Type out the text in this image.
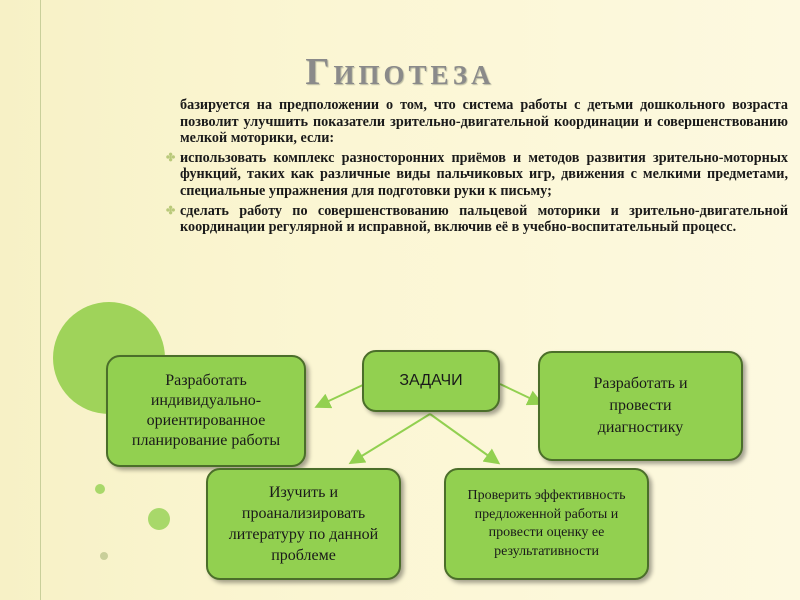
Гипотеза

базируется на предположении о том, что система работы с детьми дошкольного возраста позволит улучшить показатели зрительно-двигательной координации и совершенствованию мелкой моторики, если:

✤ использовать комплекс разносторонних приёмов и методов развития зрительно-моторных функций, таких как различные виды пальчиковых игр, движения с мелкими предметами, специальные упражнения для подготовки руки к письму;

✤ сделать работу по совершенствованию пальцевой моторики и зрительно-двигательной координации регулярной и исправной, включив её в учебно-воспитательный процесс.

ЗАДАЧИ
Разработать индивидуально-ориентированное планирование работы
Разработать и провести диагностику
Изучить и проанализировать литературу по данной проблеме
Проверить эффективность предложенной работы и провести оценку ее результативности
